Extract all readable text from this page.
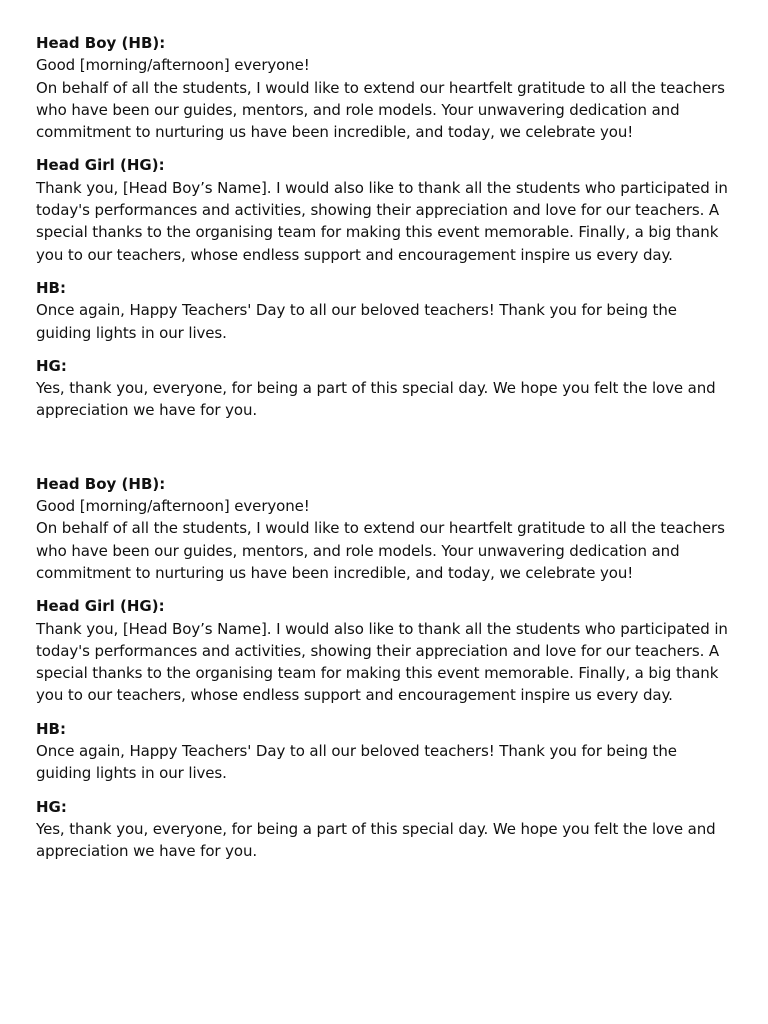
Head Boy (HB):
Good [morning/afternoon] everyone!
On behalf of all the students, I would like to extend our heartfelt gratitude to all the teachers who have been our guides, mentors, and role models. Your unwavering dedication and commitment to nurturing us have been incredible, and today, we celebrate you!
Head Girl (HG):
Thank you, [Head Boy’s Name]. I would also like to thank all the students who participated in today's performances and activities, showing their appreciation and love for our teachers. A special thanks to the organising team for making this event memorable. Finally, a big thank you to our teachers, whose endless support and encouragement inspire us every day.
HB:
Once again, Happy Teachers' Day to all our beloved teachers! Thank you for being the guiding lights in our lives.
HG:
Yes, thank you, everyone, for being a part of this special day. We hope you felt the love and appreciation we have for you.
Head Boy (HB):
Good [morning/afternoon] everyone!
On behalf of all the students, I would like to extend our heartfelt gratitude to all the teachers who have been our guides, mentors, and role models. Your unwavering dedication and commitment to nurturing us have been incredible, and today, we celebrate you!
Head Girl (HG):
Thank you, [Head Boy’s Name]. I would also like to thank all the students who participated in today's performances and activities, showing their appreciation and love for our teachers. A special thanks to the organising team for making this event memorable. Finally, a big thank you to our teachers, whose endless support and encouragement inspire us every day.
HB:
Once again, Happy Teachers' Day to all our beloved teachers! Thank you for being the guiding lights in our lives.
HG:
Yes, thank you, everyone, for being a part of this special day. We hope you felt the love and appreciation we have for you.
